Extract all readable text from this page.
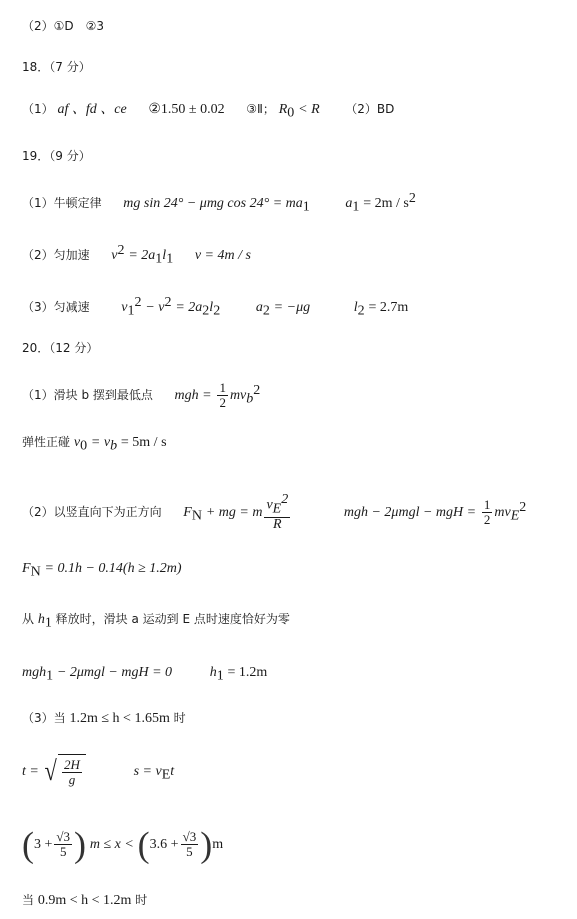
（2）①D　②3
18．（7 分）
（1） af 、fd 、ce ②1.50 ± 0.02 ③Ⅱ； $R_0 < R$ （2）BD
19．（9 分）
（1）牛顿定律 mg sin 24° − μmg $\cos 24^\circ = ma_1$	$a_1 = 2m / s^2$
（2）匀加速 $v^2 = 2a_1l_1$ v = 4m / s
（3）匀减速 $v_1^2 - v^2 = 2a_2l_2$	$a_2 = -\mu g$	$l_2 = 2.7m$
20．（12 分）
（1）滑块 b 摆到最低点 mgh = $\frac{1}{2} mv_b^2$
弹性正碰 $v_0 = v_b = 5m / s$
（2）以竖直向下为正方向 $F_N$ + mg = m $\frac{v_E^2}{R}$	mgh − 2μmgl − mgH = $\frac{1}{2} mv_E^2$
$F_N = 0.1h - 0.14(h \ge 1.2m)$
从 $h_1$ 释放时，滑块 a 运动到 E 点时速度恰好为零
mgh$_1$ − 2μmgl − mgH = 0	$h_1 = 1.2m$
（3）当 1.2m ≤ h < 1.65m 时
t = √ $\frac{2H}{g}$	$s = v_Et$
($3 + \frac{√3}{5}$ ) $m \le x < (3.6 + \frac{√3}{5} )m$
当 0.9m < h < 1.2m 时
